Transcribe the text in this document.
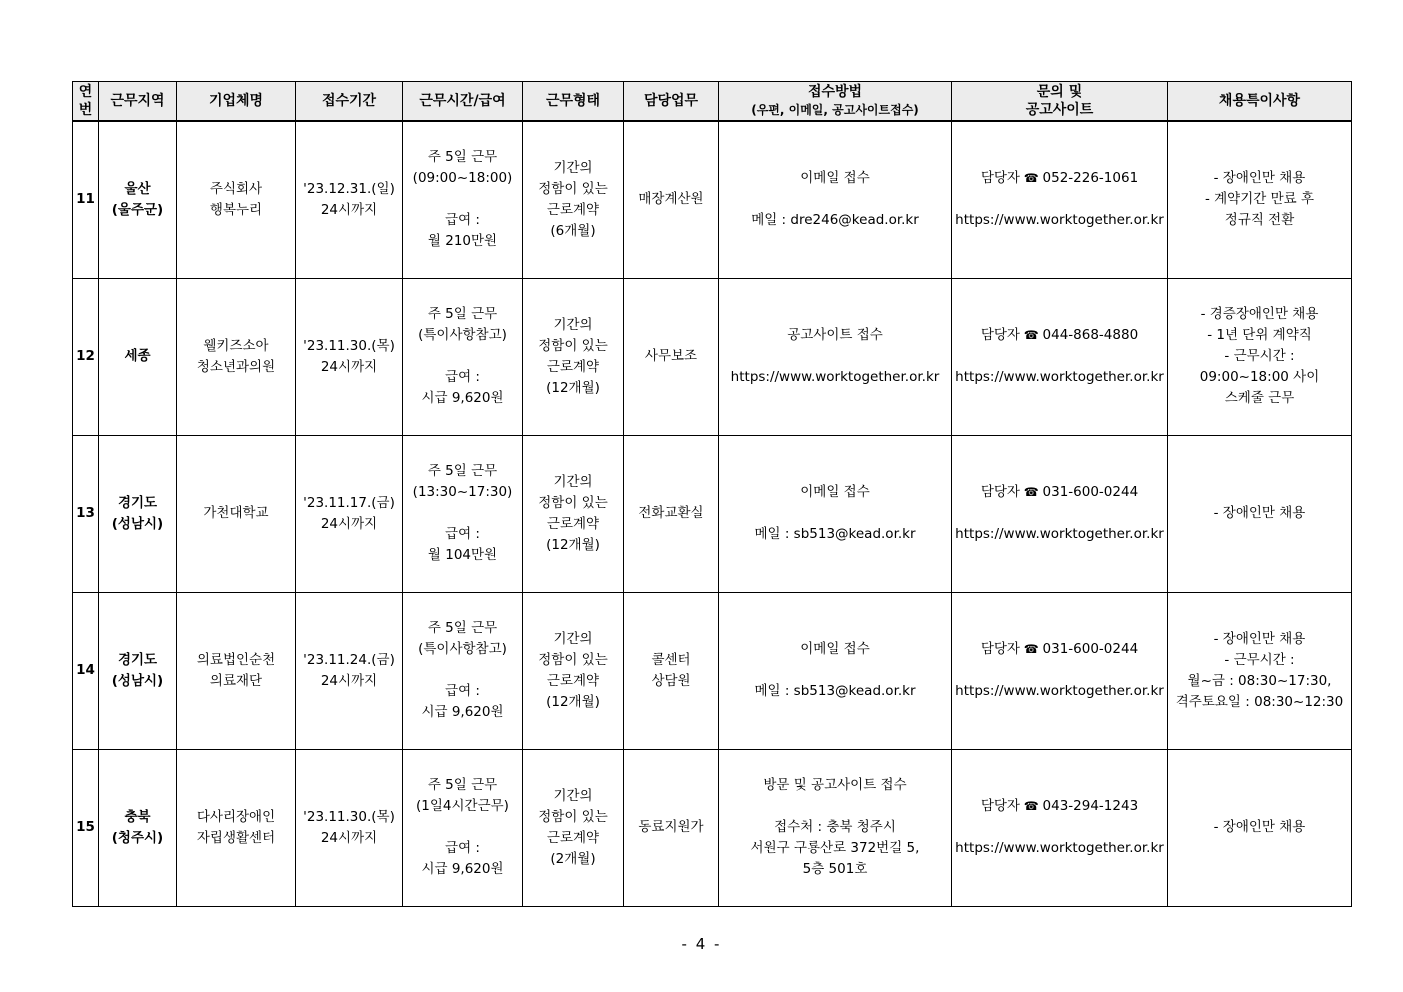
연
번	근무지역	기업체명	접수기간	근무시간/급여	근무형태	담당업무	접수방법
(우편, 이메일, 공고사이트접수)	문의 및
공고사이트	채용특이사항
11	울산
(울주군)	주식회사
행복누리	'23.12.31.(일)
24시까지	주 5일 근무
(09:00~18:00)
급여 :
월 210만원	기간의
정함이 있는
근로계약
(6개월)	매장계산원	이메일 접수
메일 : dre246@kead.or.kr	담당자 ☎ 052-226-1061
https://www.worktogether.or.kr	- 장애인만 채용
- 계약기간 만료 후
정규직 전환

12	세종	웰키즈소아
청소년과의원	'23.11.30.(목)
24시까지	주 5일 근무
(특이사항참고)
급여 :
시급 9,620원	기간의
정함이 있는
근로계약
(12개월)	사무보조	공고사이트 접수
https://www.worktogether.or.kr	담당자 ☎ 044-868-4880
https://www.worktogether.or.kr	- 경증장애인만 채용
- 1년 단위 계약직
- 근무시간 :
09:00~18:00 사이
스케줄 근무

13	경기도
(성남시)	가천대학교	'23.11.17.(금)
24시까지	주 5일 근무
(13:30~17:30)
급여 :
월 104만원	기간의
정함이 있는
근로계약
(12개월)	전화교환실	이메일 접수
메일 : sb513@kead.or.kr	담당자 ☎ 031-600-0244
https://www.worktogether.or.kr	- 장애인만 채용

14	경기도
(성남시)	의료법인순천
의료재단	'23.11.24.(금)
24시까지	주 5일 근무
(특이사항참고)
급여 :
시급 9,620원	기간의
정함이 있는
근로계약
(12개월)	콜센터
상담원	이메일 접수
메일 : sb513@kead.or.kr	담당자 ☎ 031-600-0244
https://www.worktogether.or.kr	- 장애인만 채용
- 근무시간 :
월~금 : 08:30~17:30,
격주토요일 : 08:30~12:30

15	충북
(청주시)	다사리장애인
자립생활센터	'23.11.30.(목)
24시까지	주 5일 근무
(1일4시간근무)
급여 :
시급 9,620원	기간의
정함이 있는
근로계약
(2개월)	동료지원가	방문 및 공고사이트 접수
접수처 : 충북 청주시
서원구 구룡산로 372번길 5,
5층 501호	담당자 ☎ 043-294-1243
https://www.worktogether.or.kr	- 장애인만 채용
- 4 -
